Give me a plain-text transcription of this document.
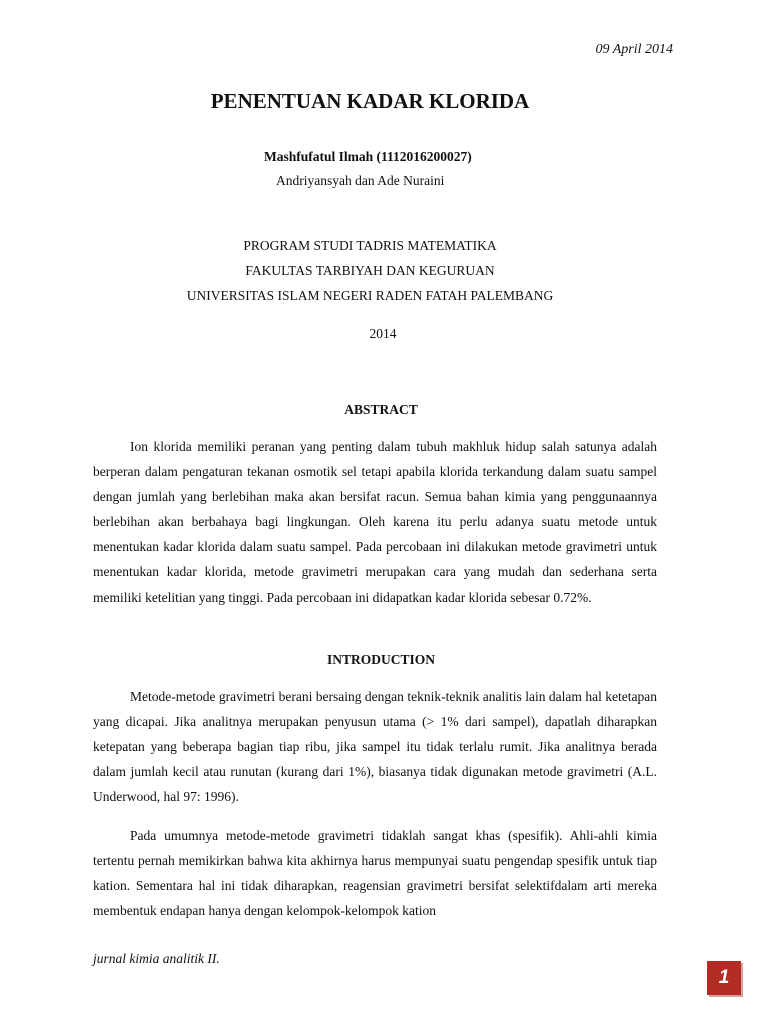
09 April 2014
PENENTUAN KADAR KLORIDA
Mashfufatul Ilmah (1112016200027)
Andriyansyah dan Ade Nuraini
PROGRAM STUDI TADRIS MATEMATIKA
FAKULTAS TARBIYAH DAN KEGURUAN
UNIVERSITAS ISLAM NEGERI RADEN FATAH PALEMBANG
2014
ABSTRACT
Ion klorida memiliki peranan yang penting dalam tubuh makhluk hidup salah satunya adalah berperan dalam pengaturan tekanan osmotik sel tetapi apabila klorida terkandung dalam suatu sampel dengan jumlah yang berlebihan maka akan bersifat racun. Semua bahan kimia yang penggunaannya berlebihan akan berbahaya bagi lingkungan. Oleh karena itu perlu adanya suatu metode untuk menentukan kadar klorida dalam suatu sampel. Pada percobaan ini dilakukan metode gravimetri untuk menentukan kadar klorida, metode gravimetri merupakan cara yang mudah dan sederhana serta memiliki ketelitian yang tinggi. Pada percobaan ini didapatkan kadar klorida sebesar 0.72%.
INTRODUCTION
Metode-metode gravimetri berani bersaing dengan teknik-teknik analitis lain dalam hal ketetapan yang dicapai. Jika analitnya merupakan penyusun utama (> 1% dari sampel), dapatlah diharapkan ketepatan yang beberapa bagian tiap ribu, jika sampel itu tidak terlalu rumit. Jika analitnya berada dalam jumlah kecil atau runutan (kurang dari 1%), biasanya tidak digunakan metode gravimetri (A.L. Underwood, hal 97: 1996).
Pada umumnya metode-metode gravimetri tidaklah sangat khas (spesifik). Ahli-ahli kimia tertentu pernah memikirkan bahwa kita akhirnya harus mempunyai suatu pengendap spesifik untuk tiap kation. Sementara hal ini tidak diharapkan, reagensian gravimetri bersifat selektifdalam arti mereka membentuk endapan hanya dengan kelompok-kelompok kation
jurnal kimia analitik II.
1
